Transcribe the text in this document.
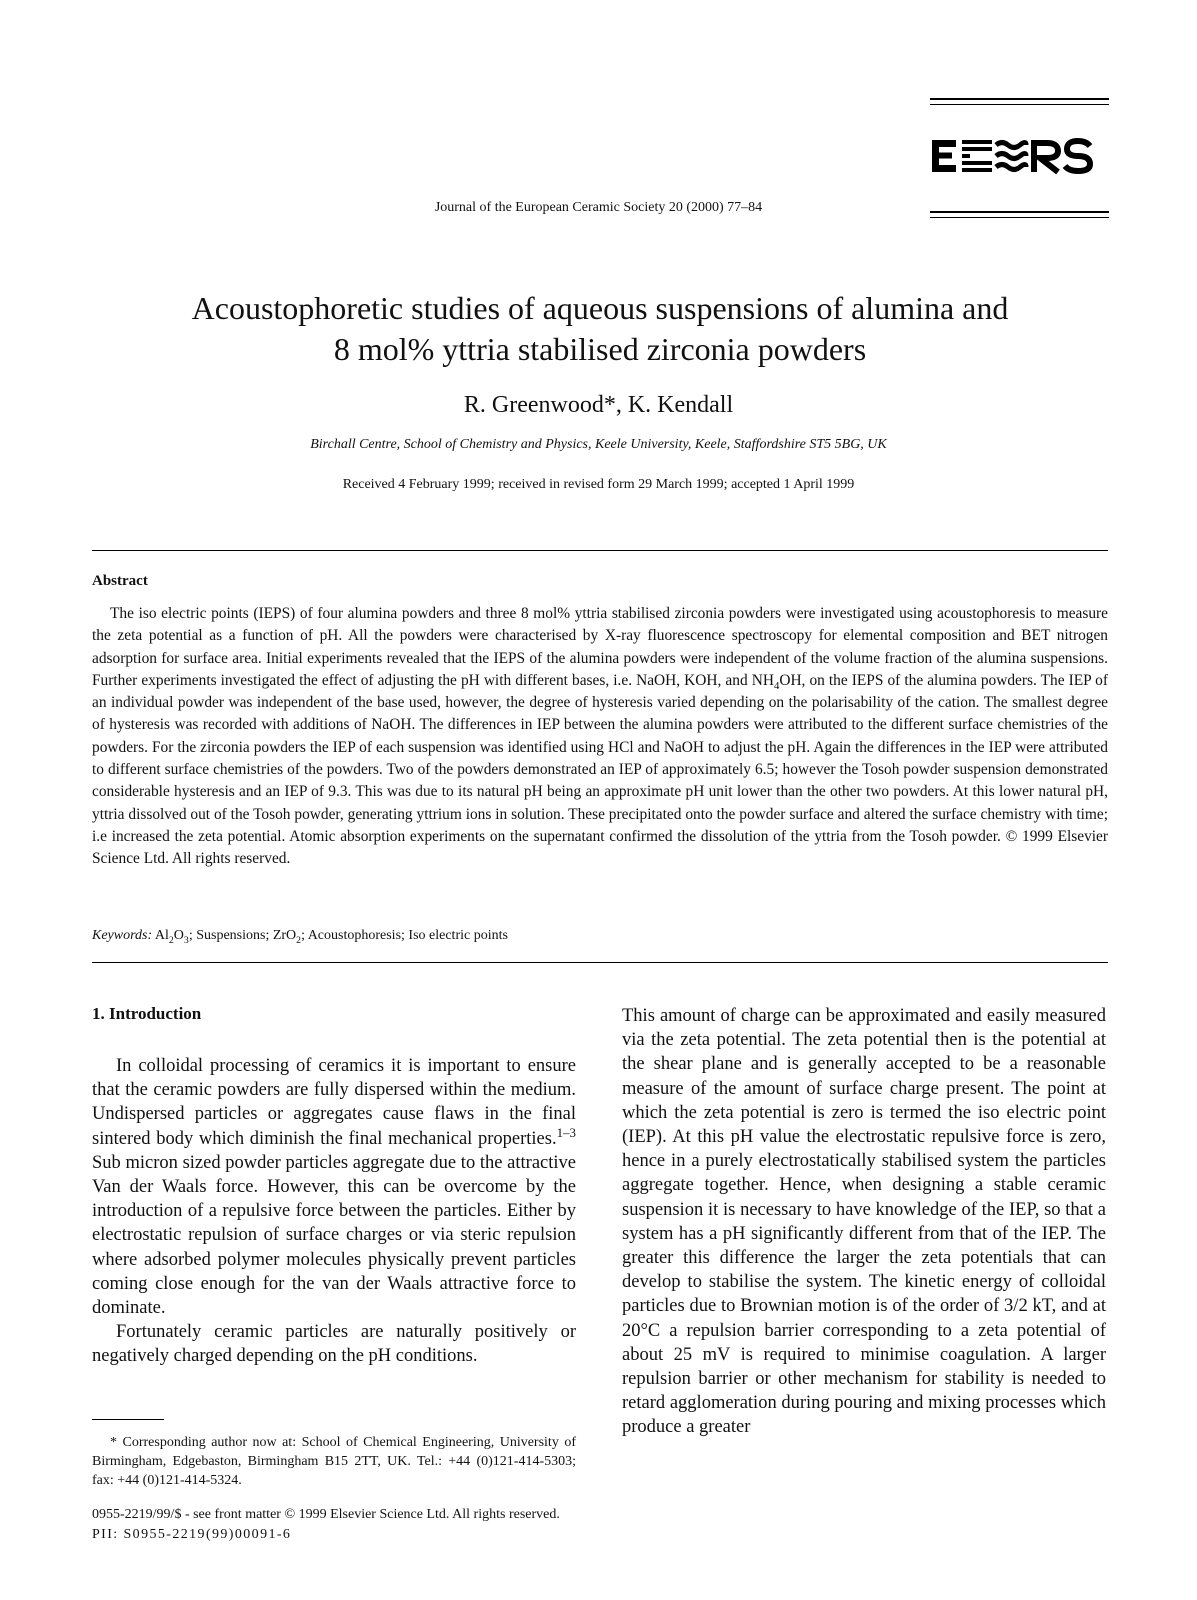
Journal of the European Ceramic Society 20 (2000) 77–84
Acoustophoretic studies of aqueous suspensions of alumina and
8 mol% yttria stabilised zirconia powders
R. Greenwood*, K. Kendall
Birchall Centre, School of Chemistry and Physics, Keele University, Keele, Staffordshire ST5 5BG, UK
Received 4 February 1999; received in revised form 29 March 1999; accepted 1 April 1999
Abstract
The iso electric points (IEPS) of four alumina powders and three 8 mol% yttria stabilised zirconia powders were investigated using acoustophoresis to measure the zeta potential as a function of pH. All the powders were characterised by X-ray fluorescence spectroscopy for elemental composition and BET nitrogen adsorption for surface area. Initial experiments revealed that the IEPS of the alumina powders were independent of the volume fraction of the alumina suspensions. Further experiments investigated the effect of adjusting the pH with different bases, i.e. NaOH, KOH, and $NH_4OH$, on the IEPS of the alumina powders. The IEP of an individual powder was independent of the base used, however, the degree of hysteresis varied depending on the polarisability of the cation. The smallest degree of hysteresis was recorded with additions of NaOH. The differences in IEP between the alumina powders were attributed to the different surface chemistries of the powders. For the zirconia powders the IEP of each suspension was identified using HCl and NaOH to adjust the pH. Again the differences in the IEP were attributed to different surface chemistries of the powders. Two of the powders demonstrated an IEP of approximately 6.5; however the Tosoh powder suspension demonstrated considerable hysteresis and an IEP of 9.3. This was due to its natural pH being an approximate pH unit lower than the other two powders. At this lower natural pH, yttria dissolved out of the Tosoh powder, generating yttrium ions in solution. These precipitated onto the powder surface and altered the surface chemistry with time; i.e increased the zeta potential. Atomic absorption experiments on the supernatant confirmed the dissolution of the yttria from the Tosoh powder. © 1999 Elsevier Science Ltd. All rights reserved.
Keywords: $Al_2O_3$; Suspensions; ZrO$_2$; Acoustophoresis; Iso electric points
1. Introduction

In colloidal processing of ceramics it is important to ensure that the ceramic powders are fully dispersed within the medium. Undispersed particles or aggregates cause flaws in the final sintered body which diminish the final mechanical properties.$^{1-3}$ Sub micron sized powder particles aggregate due to the attractive Van der Waals force. However, this can be overcome by the introduction of a repulsive force between the particles. Either by electrostatic repulsion of surface charges or via steric repulsion where adsorbed polymer molecules physically prevent particles coming close enough for the van der Waals attractive force to dominate.

Fortunately ceramic particles are naturally positively or negatively charged depending on the pH conditions.

This amount of charge can be approximated and easily measured via the zeta potential. The zeta potential then is the potential at the shear plane and is generally accepted to be a reasonable measure of the amount of surface charge present. The point at which the zeta potential is zero is termed the iso electric point (IEP). At this pH value the electrostatic repulsive force is zero, hence in a purely electrostatically stabilised system the particles aggregate together. Hence, when designing a stable ceramic suspension it is necessary to have knowledge of the IEP, so that a system has a pH significantly different from that of the IEP. The greater this difference the larger the zeta potentials that can develop to stabilise the system. The kinetic energy of colloidal particles due to Brownian motion is of the order of 3/2 kT, and at 20°C a repulsion barrier corresponding to a zeta potential of about 25 mV is required to minimise coagulation. A larger repulsion barrier or other mechanism for stability is needed to retard agglomeration during pouring and mixing processes which produce a greater

* Corresponding author now at: School of Chemical Engineering, University of Birmingham, Edgebaston, Birmingham B15 2TT, UK. Tel.: +44 (0)121-414-5303; fax: +44 (0)121-414-5324.
0955-2219/99/$ - see front matter © 1999 Elsevier Science Ltd. All rights reserved.
PII: S0955-2219(99)00091-6
